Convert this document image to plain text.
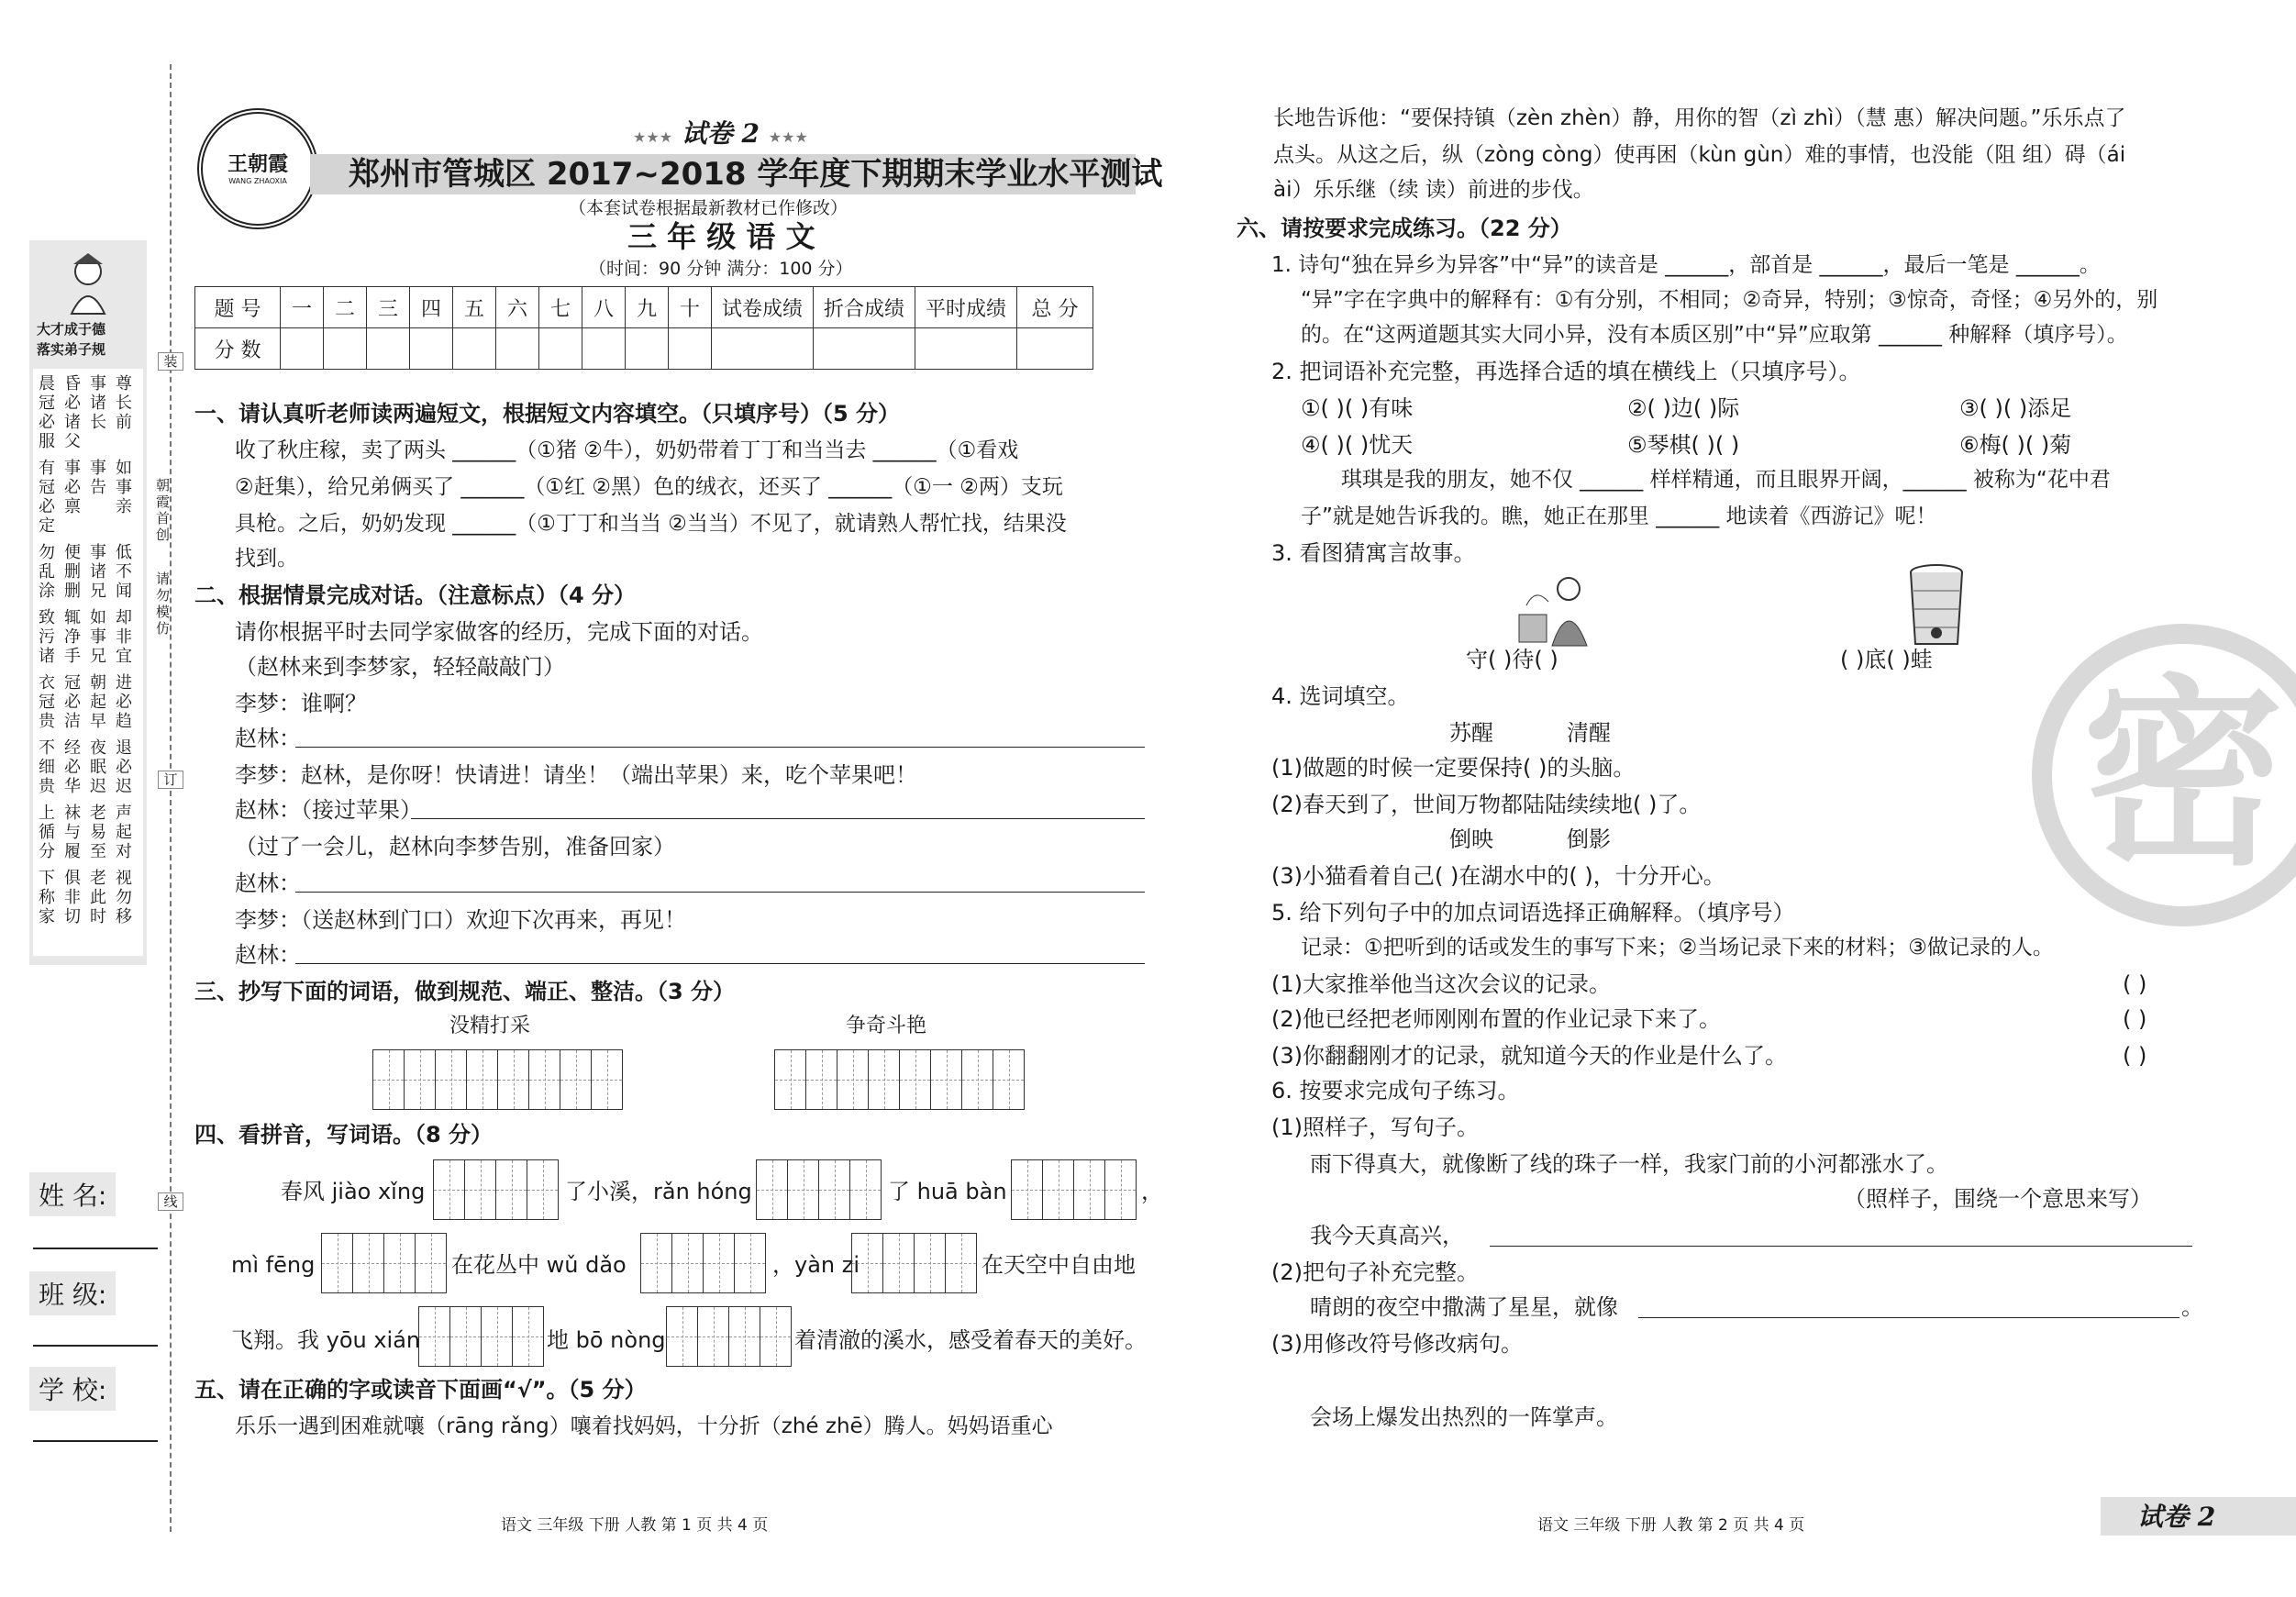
大才成于德
落实弟子规
晨冠必服
昏必诸父
事诸长
尊长前
有冠必定
事必禀
事告
如事亲
勿乱涂
便删删
事诸兄
低不闻
致污诸
辄净手
如事兄
却非宜
衣冠贵
冠必洁
朝起早
进必趋
不细贵
经必华
夜眠迟
退必迟
上循分
袜与履
老易至
声起对
下称家
俱非切
老此时
视勿移
姓 名:
班 级:
学 校:
装
朝霞首创
请勿模仿
订
线
王朝霞
WANG ZHAOXIA
★★★ 试卷 2 ★★★
郑州市管城区 2017~2018 学年度下期期末学业水平测试
（本套试卷根据最新教材已作修改）
三 年 级 语 文
（时间：90 分钟 满分：100 分）
题 号	一	二	三	四	五	六	七	八	九	十	试卷成绩	折合成绩	平时成绩	总 分
分 数														
一、请认真听老师读两遍短文，根据短文内容填空。（只填序号）（5 分）
收了秋庄稼，卖了两头 ______（①猪 ②牛），奶奶带着丁丁和当当去 ______（①看戏
②赶集），给兄弟俩买了 ______（①红 ②黑）色的绒衣，还买了 ______（①一 ②两）支玩
具枪。之后，奶奶发现 ______（①丁丁和当当 ②当当）不见了，就请熟人帮忙找，结果没
找到。
二、根据情景完成对话。（注意标点）（4 分）
请你根据平时去同学家做客的经历，完成下面的对话。
（赵林来到李梦家，轻轻敲敲门）
李梦：谁啊？
赵林：
李梦：赵林，是你呀！快请进！请坐！（端出苹果）来，吃个苹果吧！
赵林：（接过苹果）
（过了一会儿，赵林向李梦告别，准备回家）
赵林：
李梦：（送赵林到门口）欢迎下次再来，再见！
赵林：
三、抄写下面的词语，做到规范、端正、整洁。（3 分）
没精打采	争奇斗艳
四、看拼音，写词语。（8 分）
春风 jiào xǐng	了小溪，rǎn hóng	了 huā bàn	，
mì fēng	在花丛中 wǔ dǎo	，yàn zi	在天空中自由地
飞翔。我 yōu xián	地 bō nòng	着清澈的溪水，感受着春天的美好。
五、请在正确的字或读音下面画“√”。（5 分）
乐乐一遇到困难就嚷（rāng rǎng）嚷着找妈妈，十分折（zhé zhē）腾人。妈妈语重心
长地告诉他：“要保持镇（zèn zhèn）静，用你的智（zì zhì）（慧 惠）解决问题。”乐乐点了
点头。从这之后，纵（zòng còng）使再困（kùn gùn）难的事情，也没能（阻 组）碍（ái
ài）乐乐继（续 读）前进的步伐。
六、请按要求完成练习。（22 分）
1. 诗句“独在异乡为异客”中“异”的读音是 ______，部首是 ______，最后一笔是 ______。
“异”字在字典中的解释有：①有分别，不相同；②奇异，特别；③惊奇，奇怪；④另外的，别
的。在“这两道题其实大同小异，没有本质区别”中“异”应取第 ______ 种解释（填序号）。
2. 把词语补充完整，再选择合适的填在横线上（只填序号）。
①( )( )有味	②( )边( )际	③( )( )添足
④( )( )忧天	⑤琴棋( )( )	⑥梅( )( )菊
琪琪是我的朋友，她不仅 ______ 样样精通，而且眼界开阔，______ 被称为“花中君
子”就是她告诉我的。瞧，她正在那里 ______ 地读着《西游记》呢！
3. 看图猜寓言故事。
守( )待( )	( )底( )蛙
4. 选词填空。
苏醒	清醒
(1)做题的时候一定要保持( )的头脑。
(2)春天到了，世间万物都陆陆续续地( )了。
倒映	倒影
(3)小猫看着自己( )在湖水中的( )，十分开心。
5. 给下列句子中的加点词语选择正确解释。（填序号）
记录：①把听到的话或发生的事写下来；②当场记录下来的材料；③做记录的人。
(1)大家推举他当这次会议的记录。	( )
(2)他已经把老师刚刚布置的作业记录下来了。	( )
(3)你翻翻刚才的记录，就知道今天的作业是什么了。	( )
6. 按要求完成句子练习。
(1)照样子，写句子。
雨下得真大，就像断了线的珠子一样，我家门前的小河都涨水了。
（照样子，围绕一个意思来写）
我今天真高兴，
(2)把句子补充完整。
晴朗的夜空中撒满了星星，就像	。
(3)用修改符号修改病句。
会场上爆发出热烈的一阵掌声。
密
语文 三年级 下册 人教 第 1 页 共 4 页	语文 三年级 下册 人教 第 2 页 共 4 页	试卷 2
